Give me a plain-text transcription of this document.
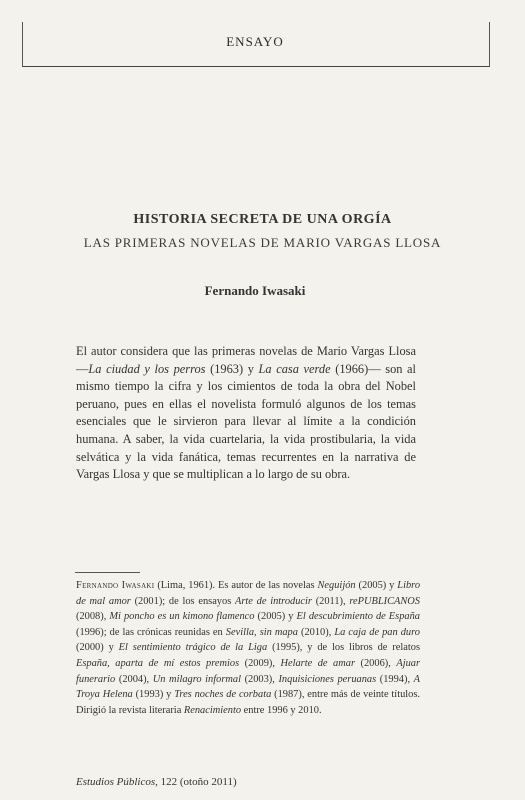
ENSAYO
HISTORIA SECRETA DE UNA ORGÍA
LAS PRIMERAS NOVELAS DE MARIO VARGAS LLOSA
Fernando Iwasaki
El autor considera que las primeras novelas de Mario Vargas Llosa —La ciudad y los perros (1963) y La casa verde (1966)— son al mismo tiempo la cifra y los cimientos de toda la obra del Nobel peruano, pues en ellas el novelista formuló algunos de los temas esenciales que le sirvieron para llevar al límite a la condición humana. A saber, la vida cuartelaria, la vida prostibularia, la vida selvática y la vida fanática, temas recurrentes en la narrativa de Vargas Llosa y que se multiplican a lo largo de su obra.
Fernando Iwasaki (Lima, 1961). Es autor de las novelas Neguijón (2005) y Libro de mal amor (2001); de los ensayos Arte de introducir (2011), rePUBLICANOS (2008), Mi poncho es un kimono flamenco (2005) y El descubrimiento de España (1996); de las crónicas reunidas en Sevilla, sin mapa (2010), La caja de pan duro (2000) y El sentimiento trágico de la Liga (1995), y de los libros de relatos España, aparta de mí estos premios (2009), Helarte de amar (2006), Ajuar funerario (2004), Un milagro informal (2003), Inquisiciones peruanas (1994), A Troya Helena (1993) y Tres noches de corbata (1987), entre más de veinte títulos. Dirigió la revista literaria Renacimiento entre 1996 y 2010.
Estudios Públicos, 122 (otoño 2011)
